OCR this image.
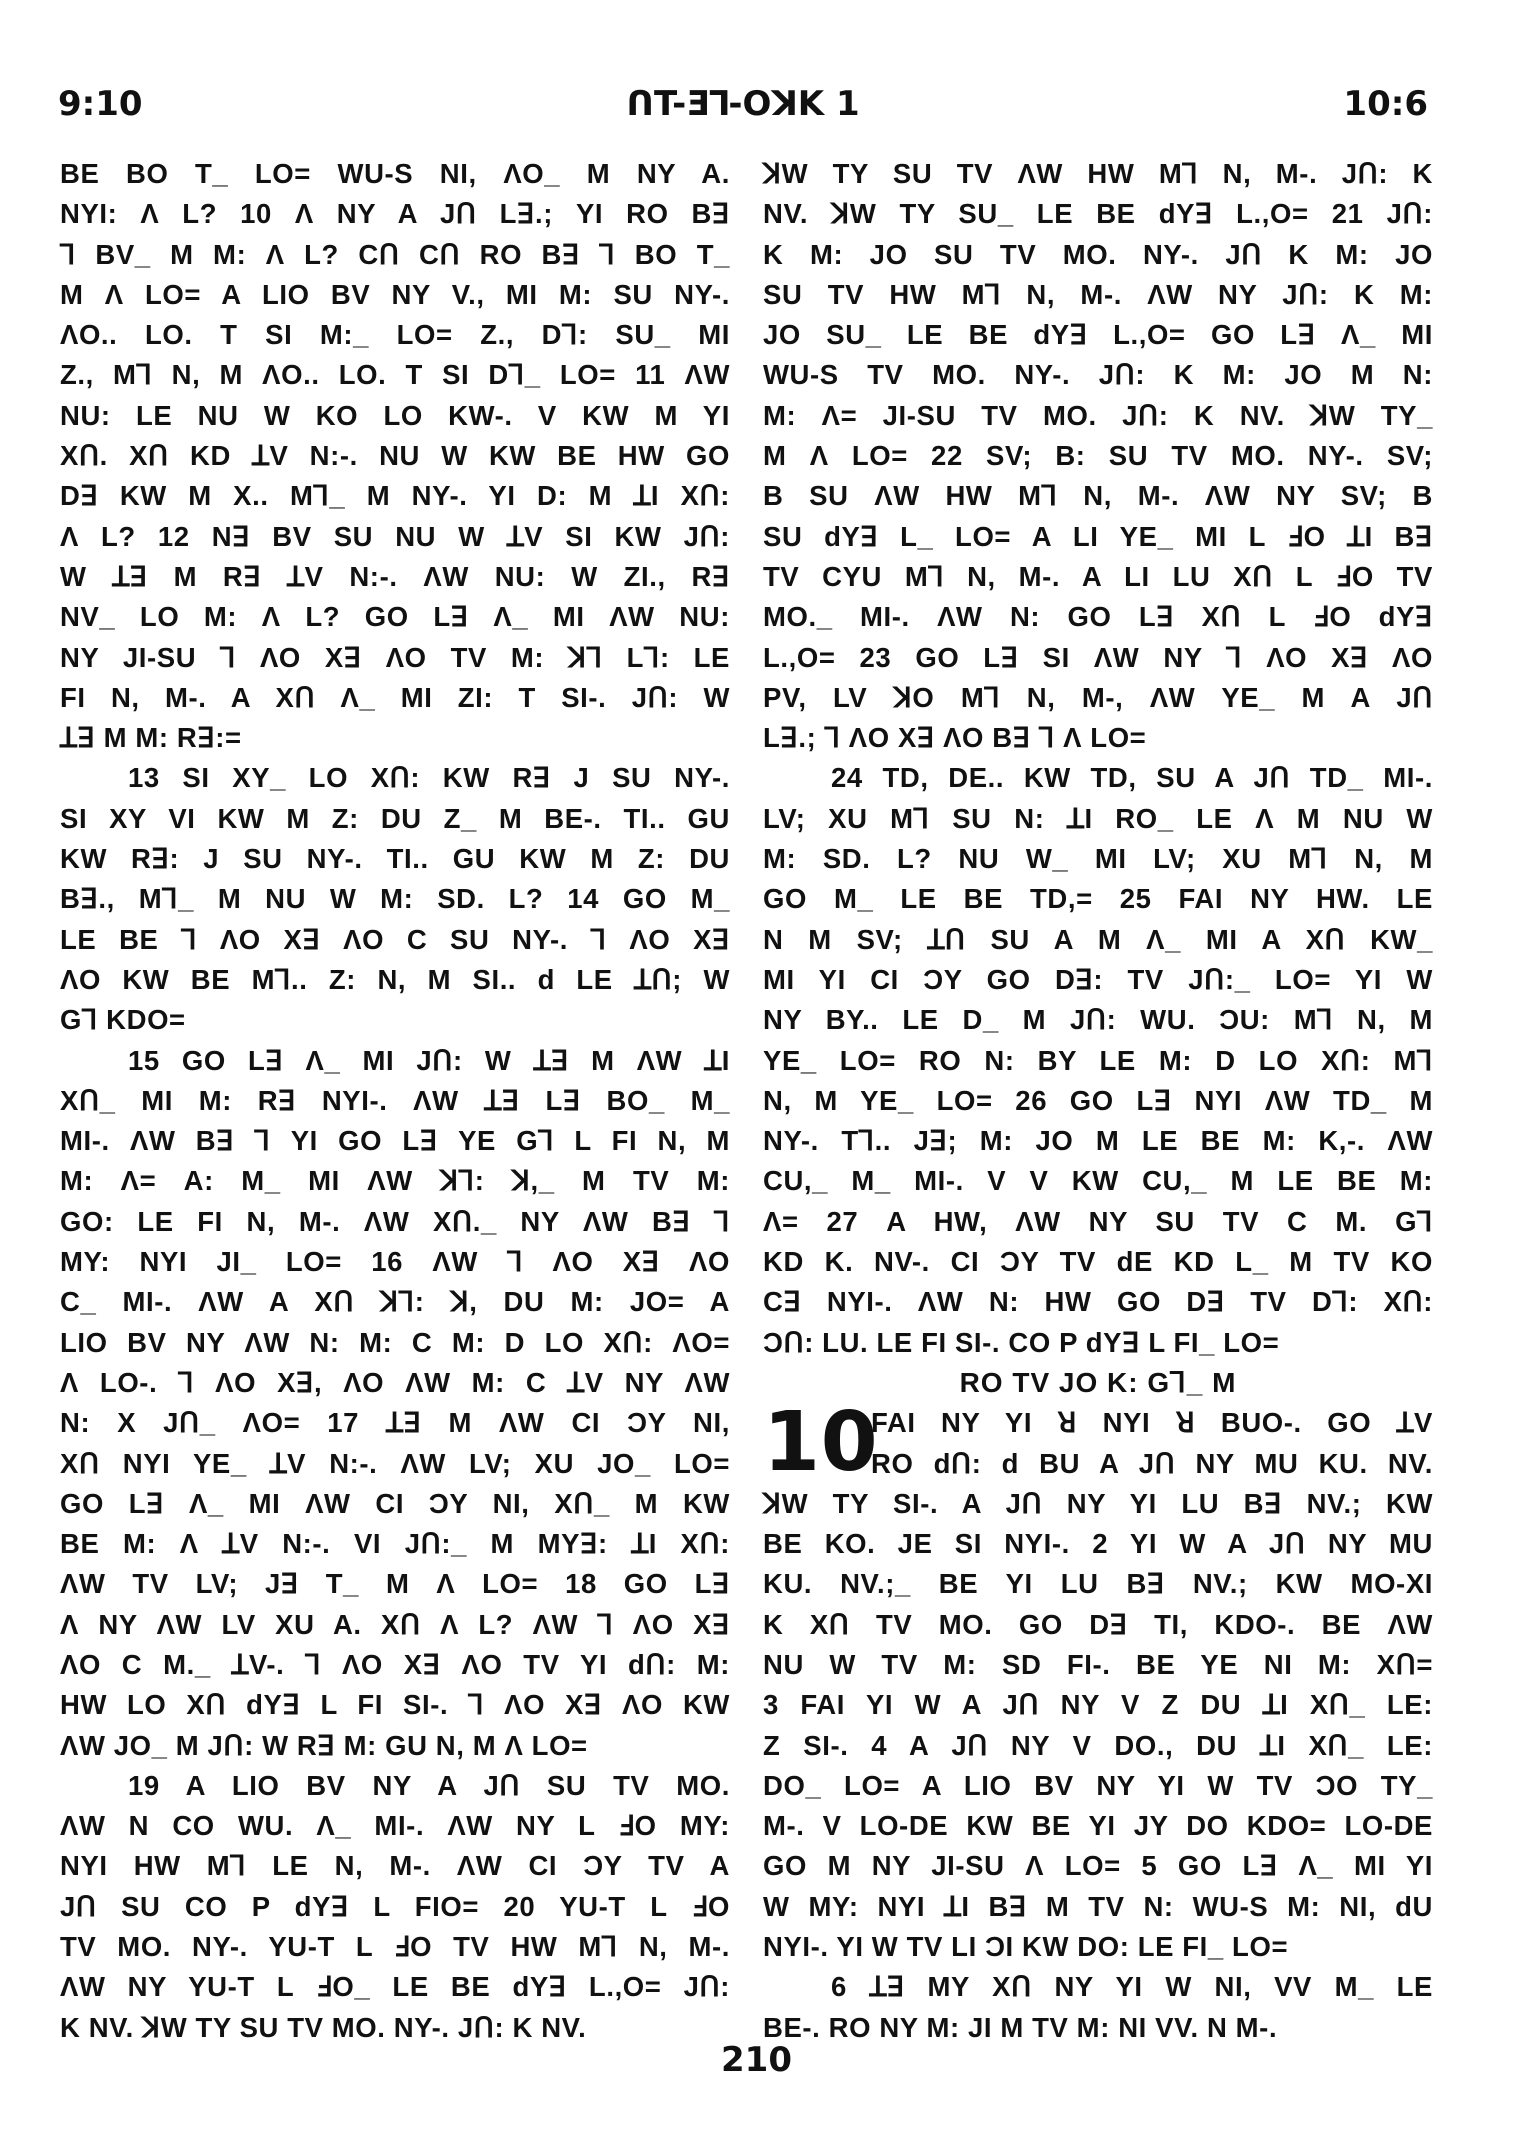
9:10	ꓵT-Ǝꓶ-OꓘK 1	10:6

BE BO T_ LO= WU-S NI, ΛO_ M NY A.

NYI: Λ L? 10 Λ NY A Jꓵ Lꓱ.; YI RO Bꓱ

ꓶ BV_ M M: Λ L? Cꓵ Cꓵ RO Bꓱ ꓶ BO T_

M Λ LO= A LIO BV NY V., MI M: SU NY-.

ΛO.. LO. T SI M:_ LO= Z., Dꓶ: SU_ MI

Z., Mꓶ N, M ΛO.. LO. T SI Dꓶ_ LO= 11 ΛW

NU: LE NU W KO LO KW-. V KW M YI

Xꓵ. Xꓵ KD ꓕV N:-. NU W KW BE HW GO

Dꓱ KW M X.. Mꓶ_ M NY-. YI D: M ꓕI Xꓵ:

Λ L? 12 Nꓱ BV SU NU W ꓕV SI KW Jꓵ:

W ꓕꓱ M Rꓱ ꓕV N:-. ΛW NU: W ZI., Rꓱ

NV_ LO M: Λ L? GO Lꓱ Λ_ MI ΛW NU:

NY JI-SU ꓶ ΛO Xꓱ ΛO TV M: ꓘꓶ Lꓶ: LE

FI N, M-. A Xꓵ Λ_ MI ZI: T SI-. Jꓵ: W

ꓕꓱ M M: Rꓱ:=

13 SI XY_ LO Xꓵ: KW Rꓱ J SU NY-.

SI XY VI KW M Z: DU Z_ M BE-. TI.. GU

KW Rꓱ: J SU NY-. TI.. GU KW M Z: DU

Bꓱ., Mꓶ_ M NU W M: SD. L? 14 GO M_

LE BE ꓶ ΛO Xꓱ ΛO C SU NY-. ꓶ ΛO Xꓱ

ΛO KW BE Mꓶ.. Z: N, M SI.. d LE ꓕꓵ; W

Gꓶ KDO=

15 GO Lꓱ Λ_ MI Jꓵ: W ꓕꓱ M ΛW ꓕI

Xꓵ_ MI M: Rꓱ NYI-. ΛW ꓕꓱ Lꓱ BO_ M_

MI-. ΛW Bꓱ ꓶ YI GO Lꓱ YE Gꓶ L FI N, M

M: Λ= A: M_ MI ΛW ꓘꓶ: ꓘ,_ M TV M:

GO: LE FI N, M-. ΛW Xꓵ._ NY ΛW Bꓱ ꓶ

MY: NYI JI_ LO= 16 ΛW ꓶ ΛO Xꓱ ΛO

C_ MI-. ΛW A Xꓵ ꓘꓶ: ꓘ, DU M: JO= A

LIO BV NY ΛW N: M: C M: D LO Xꓵ: ΛO=

Λ LO-. ꓶ ΛO Xꓱ, ΛO ΛW M: C ꓕV NY ΛW

N: X Jꓵ_ ΛO= 17 ꓕꓱ M ΛW CI ƆY NI,

Xꓵ NYI YE_ ꓕV N:-. ΛW LV; XU JO_ LO=

GO Lꓱ Λ_ MI ΛW CI ƆY NI, Xꓵ_ M KW

BE M: Λ ꓕV N:-. VI Jꓵ:_ M MYꓱ: ꓕI Xꓵ:

ΛW TV LV; Jꓱ T_ M Λ LO= 18 GO Lꓱ

Λ NY ΛW LV XU A. Xꓵ Λ L? ΛW ꓶ ΛO Xꓱ

ΛO C M._ ꓕV-. ꓶ ΛO Xꓱ ΛO TV YI dꓵ: M:

HW LO Xꓵ dYꓱ L FI SI-. ꓶ ΛO Xꓱ ΛO KW

ΛW JO_ M Jꓵ: W Rꓱ M: GU N, M Λ LO=

19 A LIO BV NY A Jꓵ SU TV MO.

ΛW N CO WU. Λ_ MI-. ΛW NY L ꓞO MY:

NYI HW Mꓶ LE N, M-. ΛW CI ƆY TV A

Jꓵ SU CO P dYꓱ L FIO= 20 YU-T L ꓞO

TV MO. NY-. YU-T L ꓞO TV HW Mꓶ N, M-.

ΛW NY YU-T L ꓞO_ LE BE dYꓱ L.,O= Jꓵ:

K NV. ꓘW TY SU TV MO. NY-. Jꓵ: K NV.

ꓘW TY SU TV ΛW HW Mꓶ N, M-. Jꓵ: K

NV. ꓘW TY SU_ LE BE dYꓱ L.,O= 21 Jꓵ:

K M: JO SU TV MO. NY-. Jꓵ K M: JO

SU TV HW Mꓶ N, M-. ΛW NY Jꓵ: K M:

JO SU_ LE BE dYꓱ L.,O= GO Lꓱ Λ_ MI

WU-S TV MO. NY-. Jꓵ: K M: JO M N:

M: Λ= JI-SU TV MO. Jꓵ: K NV. ꓘW TY_

M Λ LO= 22 SV; B: SU TV MO. NY-. SV;

B SU ΛW HW Mꓶ N, M-. ΛW NY SV; B

SU dYꓱ L_ LO= A LI YE_ MI L ꓞO ꓕI Bꓱ

TV CYU Mꓶ N, M-. A LI LU Xꓵ L ꓞO TV

MO._ MI-. ΛW N: GO Lꓱ Xꓵ L ꓞO dYꓱ

L.,O= 23 GO Lꓱ SI ΛW NY ꓶ ΛO Xꓱ ΛO

PV, LV ꓘO Mꓶ N, M-, ΛW YE_ M A Jꓵ

Lꓱ.; ꓶ ΛO Xꓱ ΛO Bꓱ ꓶ Λ LO=

24 TD, DE.. KW TD, SU A Jꓵ TD_ MI-.

LV; XU Mꓶ SU N: ꓕI RO_ LE Λ M NU W

M: SD. L? NU W_ MI LV; XU Mꓶ N, M

GO M_ LE BE TD,= 25 FAI NY HW. LE

N M SV; ꓕꓵ SU A M Λ_ MI A Xꓵ KW_

MI YI CI ƆY GO Dꓱ: TV Jꓵ:_ LO= YI W

NY BY.. LE D_ M Jꓵ: WU. ƆU: Mꓶ N, M

YE_ LO= RO N: BY LE M: D LO Xꓵ: Mꓶ

N, M YE_ LO= 26 GO Lꓱ NYI ΛW TD_ M

NY-. Tꓶ.. Jꓱ; M: JO M LE BE M: K,-. ΛW

CU,_ M_ MI-. V V KW CU,_ M LE BE M:

Λ= 27 A HW, ΛW NY SU TV C M. Gꓶ

KD K. NV-. CI ƆY TV dE KD L_ M TV KO

Cꓱ NYI-. ΛW N: HW GO Dꓱ TV Dꓶ: Xꓵ:

Ɔꓵ: LU. LE FI SI-. CO P dYꓱ L FI_ LO=

RO TV JO K: Gꓶ_ M

10

FAI NY YI ꓤ NYI ꓤ BUO-. GO ꓕV

RO dꓵ: d BU A Jꓵ NY MU KU. NV.

ꓘW TY SI-. A Jꓵ NY YI LU Bꓱ NV.; KW

BE KO. JE SI NYI-. 2 YI W A Jꓵ NY MU

KU. NV.;_ BE YI LU Bꓱ NV.; KW MO-XI

K Xꓵ TV MO. GO Dꓱ TI, KDO-. BE ΛW

NU W TV M: SD FI-. BE YE NI M: Xꓵ=

3 FAI YI W A Jꓵ NY V Z DU ꓕI Xꓵ_ LE:

Z SI-. 4 A Jꓵ NY V DO., DU ꓕI Xꓵ_ LE:

DO_ LO= A LIO BV NY YI W TV ƆO TY_

M-. V LO-DE KW BE YI JY DO KDO= LO-DE

GO M NY JI-SU Λ LO= 5 GO Lꓱ Λ_ MI YI

W MY: NYI ꓕI Bꓱ M TV N: WU-S M: NI, dU

NYI-. YI W TV LI ƆI KW DO: LE FI_ LO=

6 ꓕꓱ MY Xꓵ NY YI W NI, VV M_ LE

BE-. RO NY M: JI M TV M: NI VV. N M-.

210
